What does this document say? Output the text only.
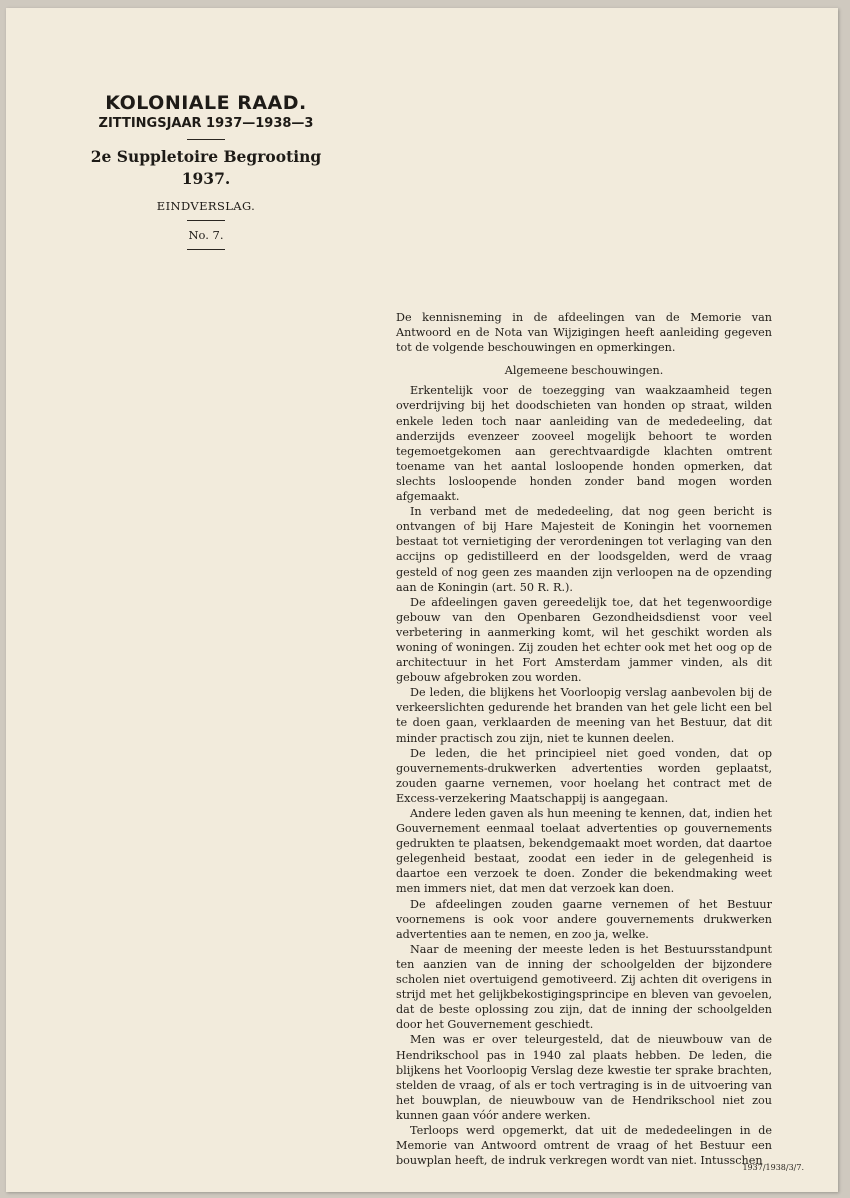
KOLONIALE RAAD.
ZITTINGSJAAR 1937—1938—3
2e Suppletoire Begrooting 1937.
EINDVERSLAG.
No. 7.

De kennisneming in de afdeelingen van de Memorie van Antwoord en de Nota van Wijzigingen heeft aanleiding gegeven tot de volgende beschouwingen en opmerkingen.

Algemeene beschouwingen.

Erkentelijk voor de toezegging van waakzaamheid tegen overdrijving bij het doodschieten van honden op straat, wilden enkele leden toch naar aanleiding van de mededeeling, dat anderzijds evenzeer zooveel mogelijk behoort te worden tegemoetgekomen aan gerechtvaardigde klachten omtrent toename van het aantal losloopende honden opmerken, dat slechts losloopende honden zonder band mogen worden afgemaakt.

In verband met de mededeeling, dat nog geen bericht is ontvangen of bij Hare Majesteit de Koningin het voornemen bestaat tot vernietiging der verordeningen tot verlaging van den accijns op gedistilleerd en der loodsgelden, werd de vraag gesteld of nog geen zes maanden zijn verloopen na de opzending aan de Koningin (art. 50 R. R.).

De afdeelingen gaven gereedelijk toe, dat het tegenwoordige gebouw van den Openbaren Gezondheidsdienst voor veel verbetering in aanmerking komt, wil het geschikt worden als woning of woningen. Zij zouden het echter ook met het oog op de architectuur in het Fort Amsterdam jammer vinden, als dit gebouw afgebroken zou worden.

De leden, die blijkens het Voorloopig verslag aanbevolen bij de verkeerslichten gedurende het branden van het gele licht een bel te doen gaan, verklaarden de meening van het Bestuur, dat dit minder practisch zou zijn, niet te kunnen deelen.

De leden, die het principieel niet goed vonden, dat op gouvernements-drukwerken advertenties worden geplaatst, zouden gaarne vernemen, voor hoelang het contract met de Excess-verzekering Maatschappij is aangegaan.

Andere leden gaven als hun meening te kennen, dat, indien het Gouvernement eenmaal toelaat advertenties op gouvernements gedrukten te plaatsen, bekendgemaakt moet worden, dat daartoe gelegenheid bestaat, zoodat een ieder in de gelegenheid is daartoe een verzoek te doen. Zonder die bekendmaking weet men immers niet, dat men dat verzoek kan doen.

De afdeelingen zouden gaarne vernemen of het Bestuur voornemens is ook voor andere gouvernements drukwerken advertenties aan te nemen, en zoo ja, welke.

Naar de meening der meeste leden is het Bestuursstandpunt ten aanzien van de inning der schoolgelden der bijzondere scholen niet overtuigend gemotiveerd. Zij achten dit overigens in strijd met het gelijkbekostigingsprincipe en bleven van gevoelen, dat de beste oplossing zou zijn, dat de inning der schoolgelden door het Gouvernement geschiedt.

Men was er over teleurgesteld, dat de nieuwbouw van de Hendrikschool pas in 1940 zal plaats hebben. De leden, die blijkens het Voorloopig Verslag deze kwestie ter sprake brachten, stelden de vraag, of als er toch vertraging is in de uitvoering van het bouwplan, de nieuwbouw van de Hendrikschool niet zou kunnen gaan vóór andere werken.

Terloops werd opgemerkt, dat uit de mededeelingen in de Memorie van Antwoord omtrent de vraag of het Bestuur een bouwplan heeft, de indruk verkregen wordt van niet. Intusschen

1937/1938/3/7.
